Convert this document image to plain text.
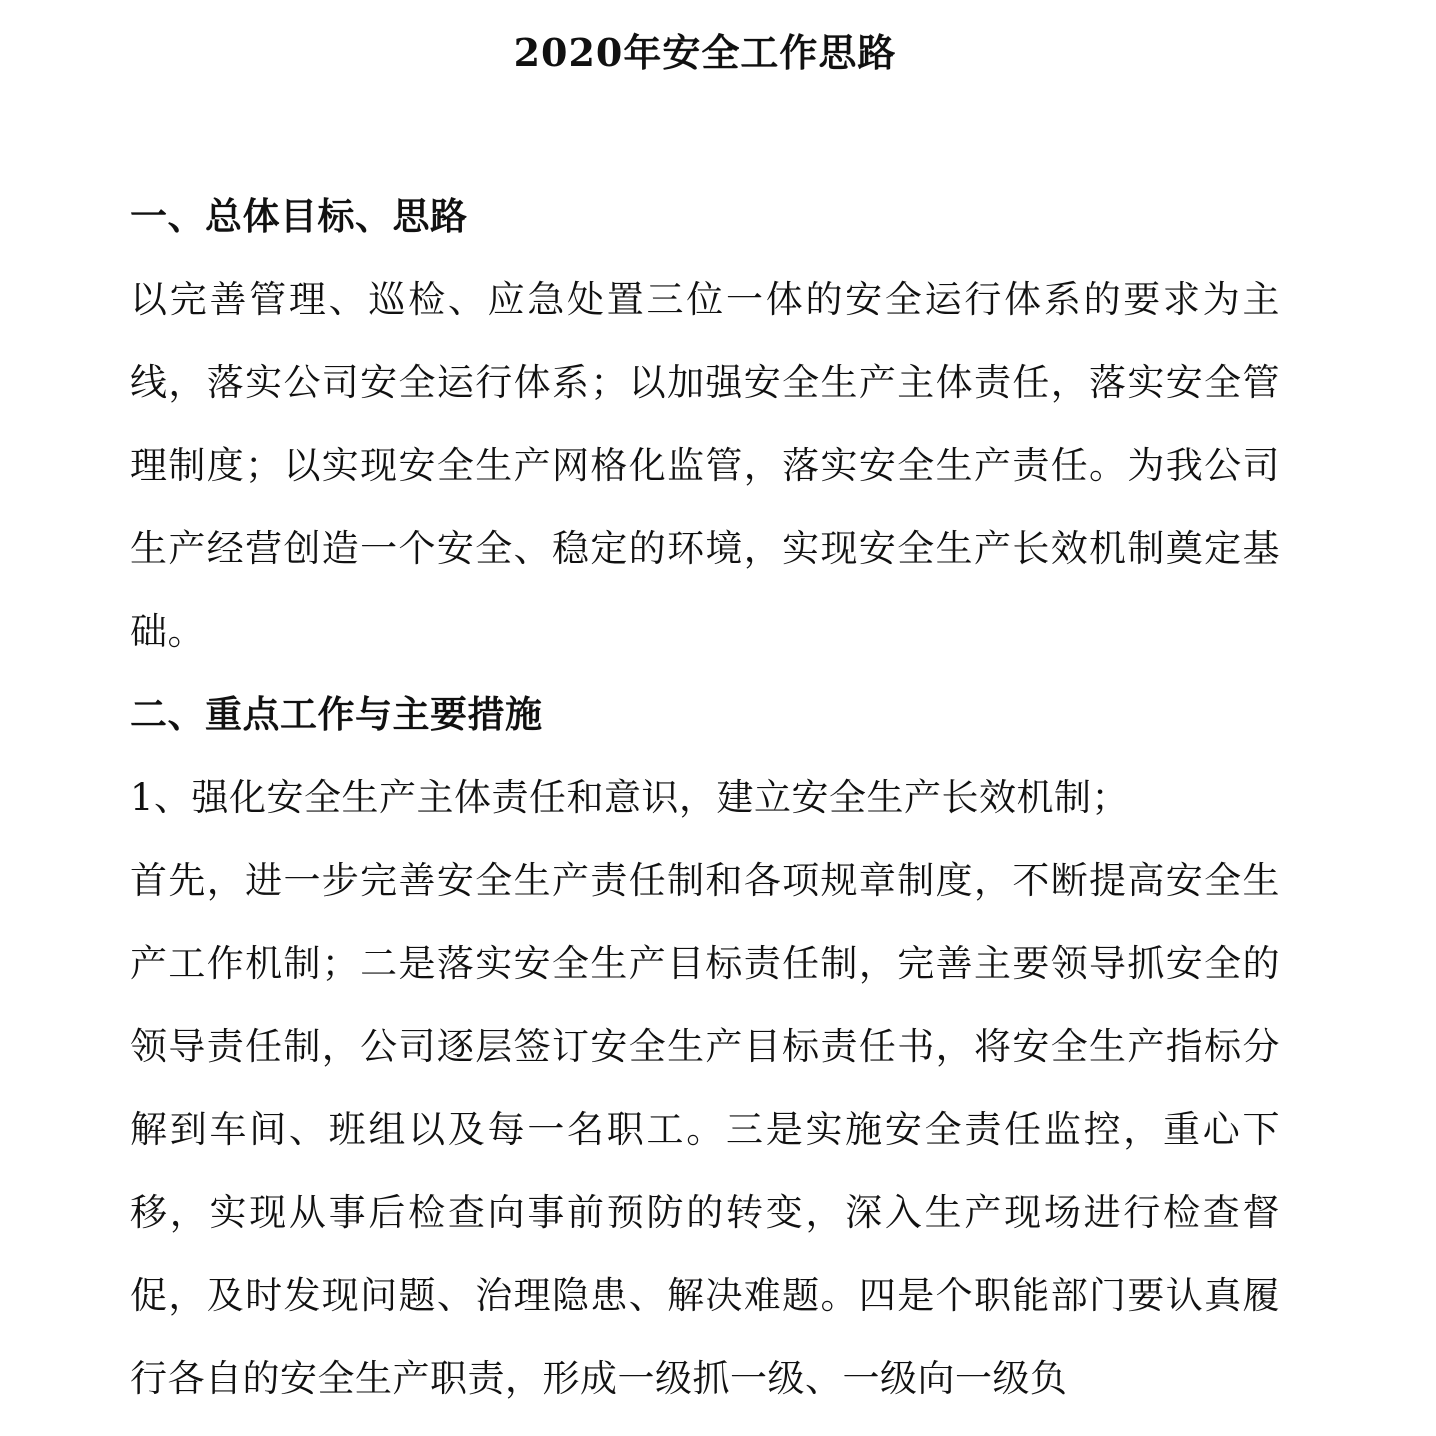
2020年安全工作思路
一、总体目标、思路

以完善管理、巡检、应急处置三位一体的安全运行体系的要求为主线，落实公司安全运行体系；以加强安全生产主体责任，落实安全管理制度；以实现安全生产网格化监管，落实安全生产责任。为我公司生产经营创造一个安全、稳定的环境，实现安全生产长效机制奠定基础。

二、重点工作与主要措施

1、强化安全生产主体责任和意识，建立安全生产长效机制；

首先，进一步完善安全生产责任制和各项规章制度，不断提高安全生产工作机制；二是落实安全生产目标责任制，完善主要领导抓安全的领导责任制，公司逐层签订安全生产目标责任书，将安全生产指标分解到车间、班组以及每一名职工。三是实施安全责任监控，重心下移，实现从事后检查向事前预防的转变，深入生产现场进行检查督促，及时发现问题、治理隐患、解决难题。四是个职能部门要认真履行各自的安全生产职责，形成一级抓一级、一级向一级负
